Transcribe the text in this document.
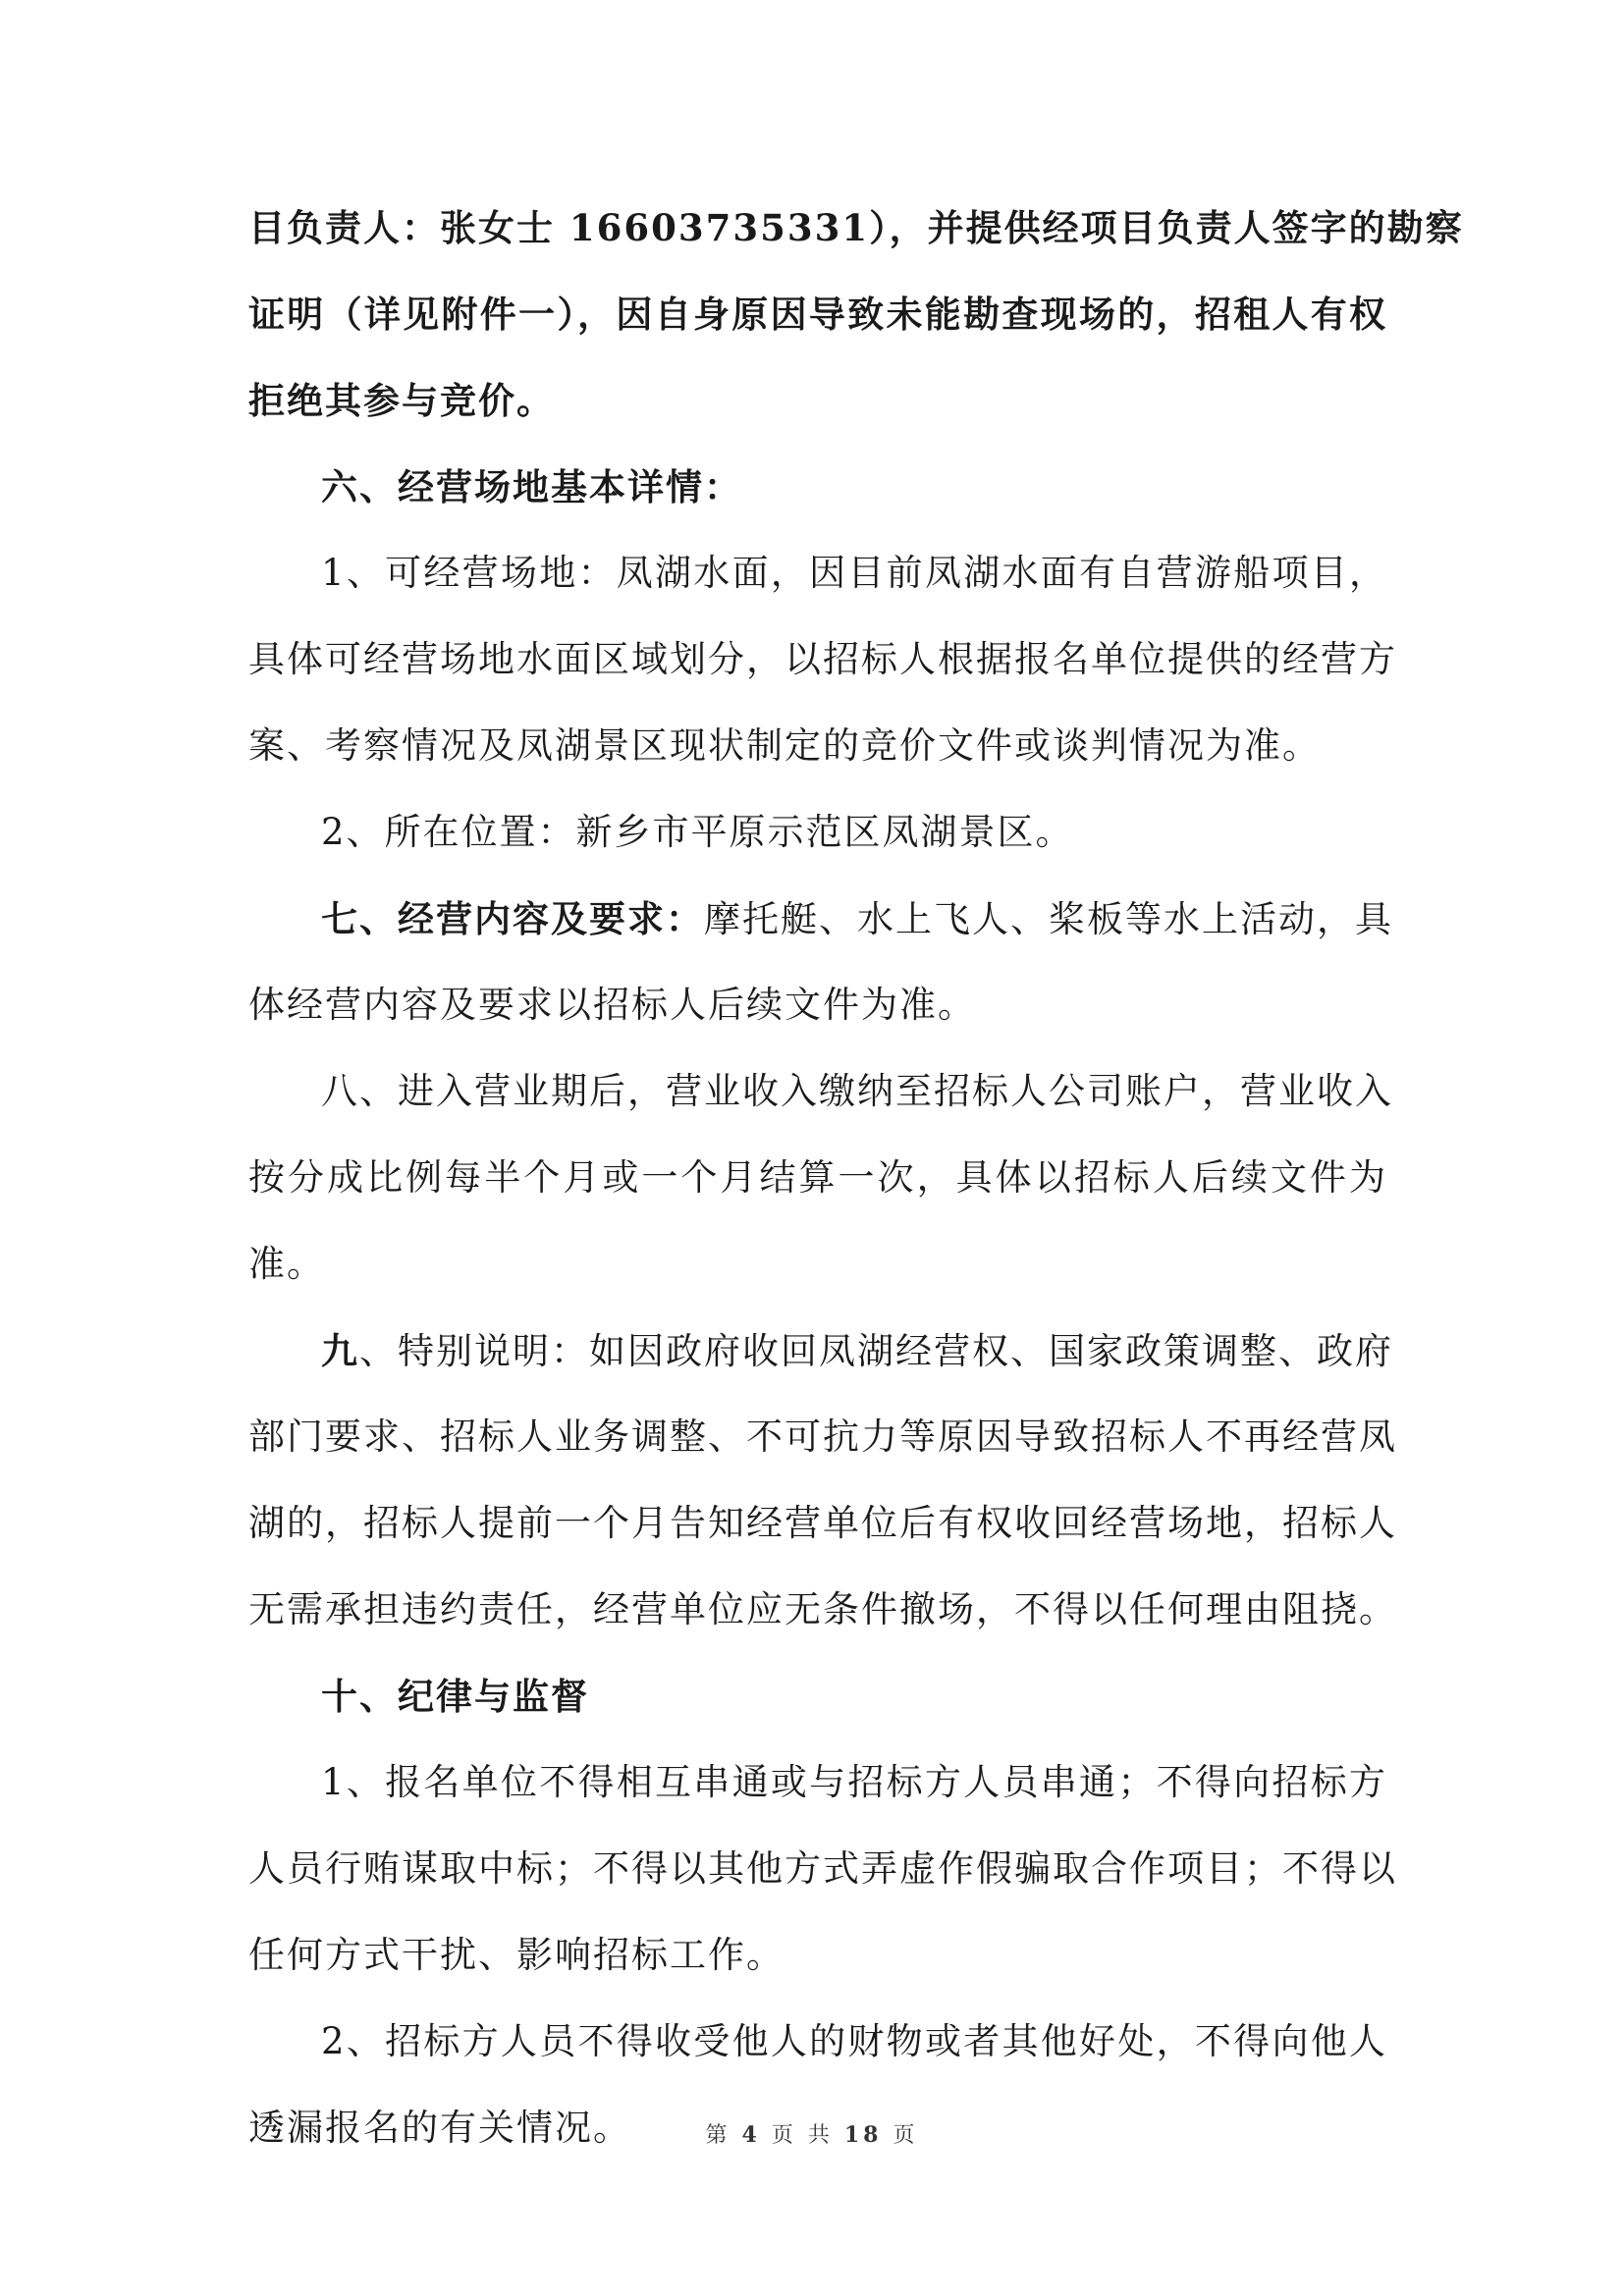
目负责人：张女士 16603735331），并提供经项目负责人签字的勘察
证明（详见附件一），因自身原因导致未能勘查现场的，招租人有权
拒绝其参与竞价。
六、经营场地基本详情：
1、可经营场地：凤湖水面，因目前凤湖水面有自营游船项目，
具体可经营场地水面区域划分，以招标人根据报名单位提供的经营方
案、考察情况及凤湖景区现状制定的竞价文件或谈判情况为准。
2、所在位置：新乡市平原示范区凤湖景区。
七、经营内容及要求：摩托艇、水上飞人、桨板等水上活动，具
体经营内容及要求以招标人后续文件为准。
八、进入营业期后，营业收入缴纳至招标人公司账户，营业收入
按分成比例每半个月或一个月结算一次，具体以招标人后续文件为
准。
九、特别说明：如因政府收回凤湖经营权、国家政策调整、政府
部门要求、招标人业务调整、不可抗力等原因导致招标人不再经营凤
湖的，招标人提前一个月告知经营单位后有权收回经营场地，招标人
无需承担违约责任，经营单位应无条件撤场，不得以任何理由阻挠。
十、纪律与监督
1、报名单位不得相互串通或与招标方人员串通；不得向招标方
人员行贿谋取中标；不得以其他方式弄虚作假骗取合作项目；不得以
任何方式干扰、影响招标工作。
2、招标方人员不得收受他人的财物或者其他好处，不得向他人
透漏报名的有关情况。	第 4 页 共 18 页
